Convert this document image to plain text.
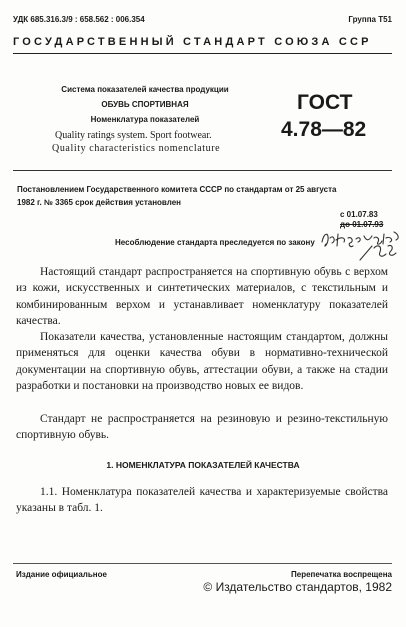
УДК 685.316.3/9 : 658.562 : 006.354	Группа Т51
ГОСУДАРСТВЕННЫЙ СТАНДАРТ СОЮЗА ССР
Система показателей качества продукции
ОБУВЬ СПОРТИВНАЯ
Номенклатура показателей
Quality ratings system. Sport footwear.
Quality characteristics nomenclature
ГОСТ
4.78—82
Постановлением Государственного комитета СССР по стандартам от 25 августа
1982 г. № 3365 срок действия установлен
с 01.07.83
до 01.07.93
Несоблюдение стандарта преследуется по закону
Настоящий стандарт распространяется на спортивную обувь с верхом из кожи, искусственных и синтетических материалов, с текстильным и комбинированным верхом и устанавливает номенклатуру показателей качества.
Показатели качества, установленные настоящим стандартом, должны применяться для оценки качества обуви в нормативно-технической документации на спортивную обувь, аттестации обуви, а также на стадии разработки и постановки на производство новых ее видов.
Стандарт не распространяется на резиновую и резино-текстильную спортивную обувь.
1. НОМЕНКЛАТУРА ПОКАЗАТЕЛЕЙ КАЧЕСТВА
1.1. Номенклатура показателей качества и характеризуемые свойства указаны в табл. 1.
Издание официальное	Перепечатка воспрещена
© Издательство стандартов, 1982
